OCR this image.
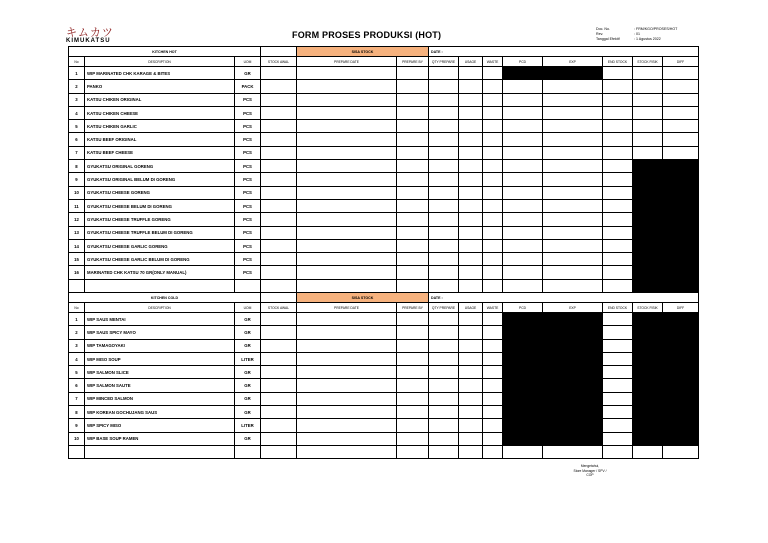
キムカツ
KIMUKATSU
FORM PROSES PRODUKSI (HOT)
Doc. No.	: FRM/KGO/PROSES/HOT
Rev.	: 01
Tanggal Efektif	: 1 Agustus 2022
KITCHEN HOT				SISA STOCK		DATE :							
No	DESCRIPTION	UOM	STOCK AWAL	PREPARE DATE	PREPARE BY	QTY PREPARE	USAGE	WASTE	PCD	EXP	END STOCK	STOCK FISIK	DIFF
1	WIP MARINATED CHK KARAGE & BITES	GR											
2	PANKO	PACK											
3	KATSU CHIKEN ORIGINAL	PCS											
4	KATSU CHIKEN CHEESE	PCS											
5	KATSU CHIKEN GARLIC	PCS											
6	KATSU BEEF ORIGINAL	PCS											
7	KATSU BEEF CHEESE	PCS											
8	GYUKATSU ORIGINAL GORENG	PCS											
9	GYUKATSU ORIGINAL BELUM DI GORENG	PCS											
10	GYUKATSU CHEESE GORENG	PCS											
11	GYUKATSU CHEESE BELUM DI GORENG	PCS											
12	GYUKATSU CHEESE TRUFFLE GORENG	PCS											
13	GYUKATSU CHEESE TRUFFLE BELUM DI GORENG	PCS											
14	GYUKATSU CHEESE GARLIC GORENG	PCS											
15	GYUKATSU CHEESE GARLIC BELUM DI GORENG	PCS											
16	MARINATED CHK KATSU 70 GR(ONLY MANUAL)	PCS											

KITCHEN COLD				SISA STOCK		DATE :							
No	DESCRIPTION	UOM	STOCK AWAL	PREPARE DATE	PREPARE BY	QTY PREPARE	USAGE	WASTE	PCD	EXP	END STOCK	STOCK FISIK	DIFF
1	WIP SAUS MENTAI	GR											
2	WIP SAUS SPICY MAYO	GR											
3	WIP TAMAGOYAKI	GR											
4	WIP MISO SOUP	LITER											
5	WIP SALMON SLICE	GR											
6	WIP SALMON SAUTE	GR											
7	WIP MINCED SALMON	GR											
8	WIP KOREAN GOCHUJANG SAUS	GR											
9	WIP SPICY MISO	LITER											
10	WIP BASE SOUP RAMEN	GR											

Mengetahui,
Store Manager / SPV / COP
